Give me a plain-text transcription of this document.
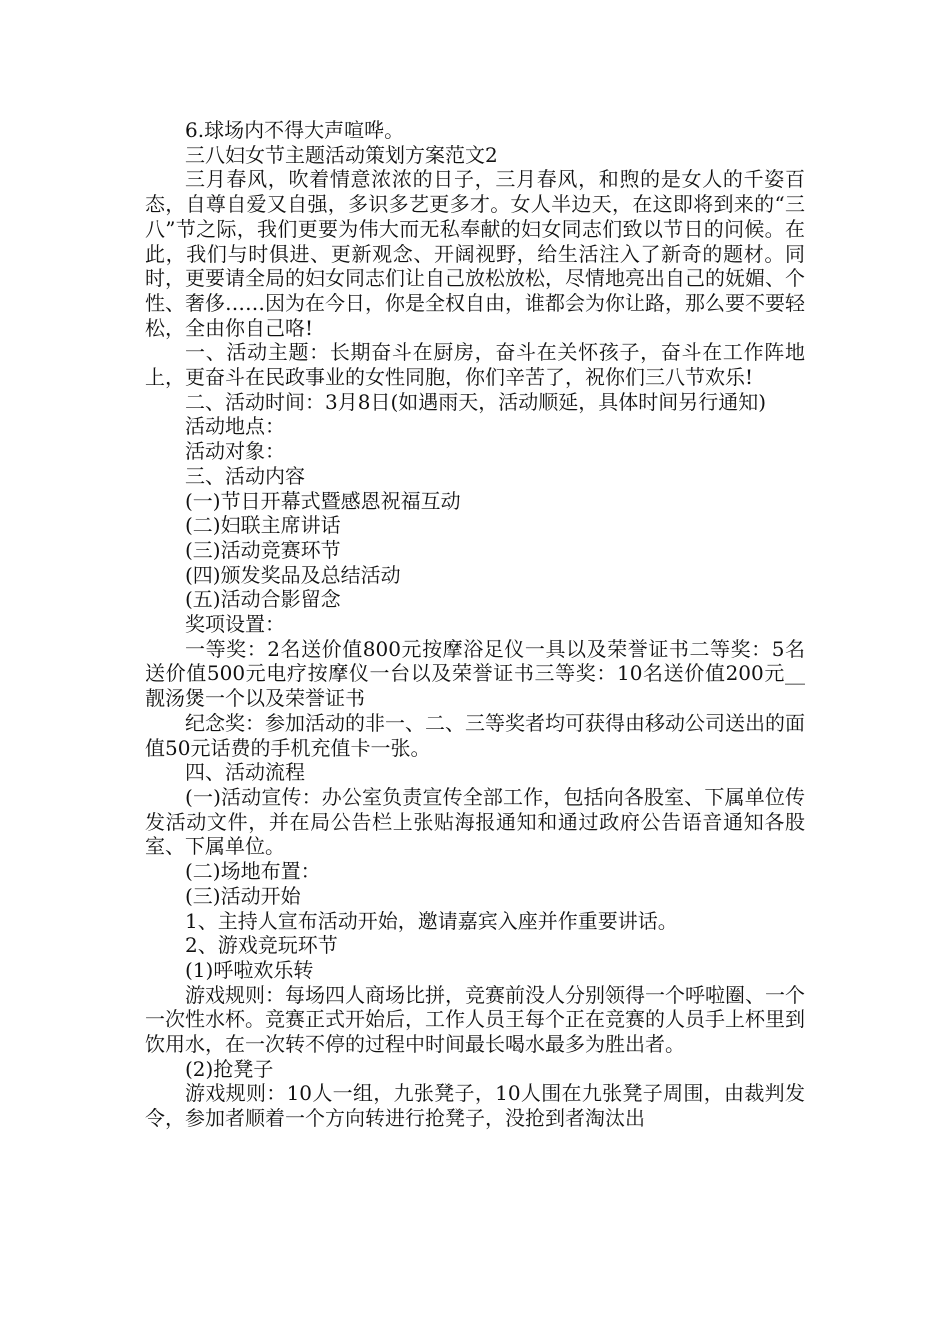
6.球场内不得大声喧哗。

三八妇女节主题活动策划方案范文2

三月春风，吹着情意浓浓的日子，三月春风，和煦的是女人的千姿百态，自尊自爱又自强，多识多艺更多才。女人半边天，在这即将到来的“三八”节之际，我们更要为伟大而无私奉献的妇女同志们致以节日的问候。在此，我们与时俱进、更新观念、开阔视野，给生活注入了新奇的题材。同时，更要请全局的妇女同志们让自己放松放松，尽情地亮出自己的妩媚、个性、奢侈……因为在今日，你是全权自由，谁都会为你让路，那么要不要轻松，全由你自己咯!

一、活动主题：长期奋斗在厨房，奋斗在关怀孩子，奋斗在工作阵地上，更奋斗在民政事业的女性同胞，你们辛苦了，祝你们三八节欢乐!

二、活动时间：3月8日(如遇雨天，活动顺延，具体时间另行通知)

活动地点：

活动对象：

三、活动内容

(一)节日开幕式暨感恩祝福互动

(二)妇联主席讲话

(三)活动竞赛环节

(四)颁发奖品及总结活动

(五)活动合影留念

奖项设置：

一等奖：2名送价值800元按摩浴足仪一具以及荣誉证书二等奖：5名送价值500元电疗按摩仪一台以及荣誉证书三等奖：10名送价值200元__靓汤煲一个以及荣誉证书

纪念奖：参加活动的非一、二、三等奖者均可获得由移动公司送出的面值50元话费的手机充值卡一张。

四、活动流程

(一)活动宣传：办公室负责宣传全部工作，包括向各股室、下属单位传发活动文件，并在局公告栏上张贴海报通知和通过政府公告语音通知各股室、下属单位。

(二)场地布置：

(三)活动开始

1、主持人宣布活动开始，邀请嘉宾入座并作重要讲话。

2、游戏竞玩环节

(1)呼啦欢乐转

游戏规则：每场四人商场比拼，竞赛前没人分别领得一个呼啦圈、一个一次性水杯。竞赛正式开始后，工作人员王每个正在竞赛的人员手上杯里到饮用水，在一次转不停的过程中时间最长喝水最多为胜出者。

(2)抢凳子

游戏规则：10人一组，九张凳子，10人围在九张凳子周围，由裁判发令，参加者顺着一个方向转进行抢凳子，没抢到者淘汰出
